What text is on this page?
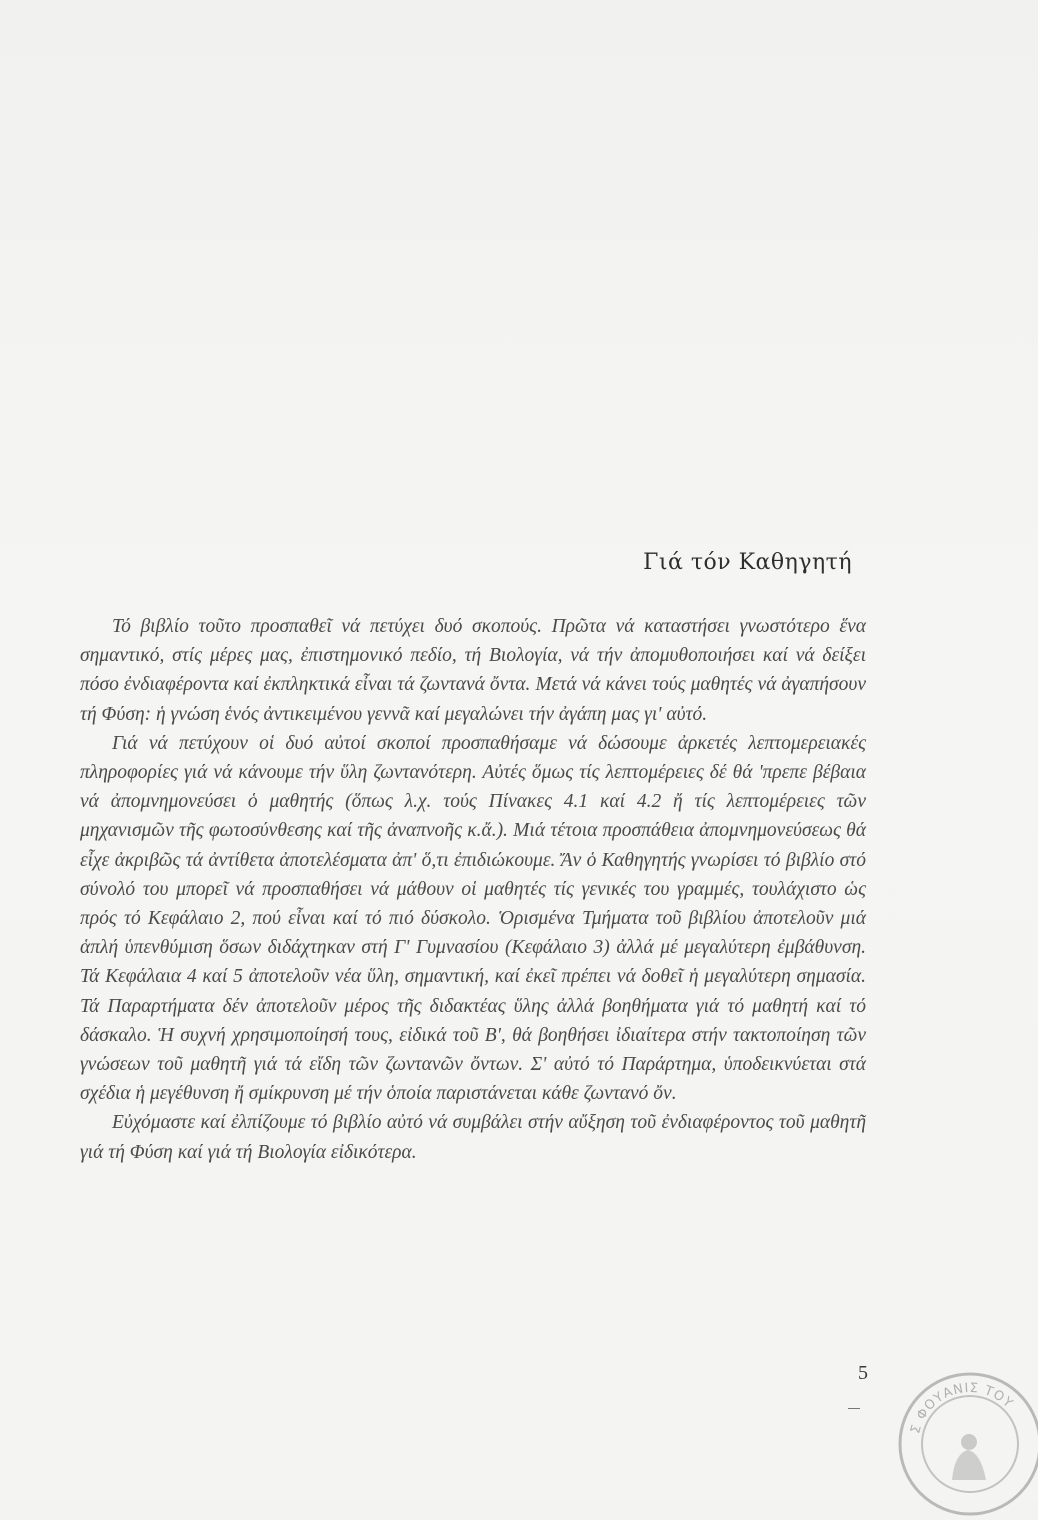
Γιά τόν Καθηγητή

Τό βιβλίο τοῦτο προσπαθεῖ νά πετύχει δυό σκοπούς. Πρῶτα νά καταστήσει γνωστότερο ἕνα σημαντικό, στίς μέρες μας, ἐπιστημονικό πεδίο, τή Βιολογία, νά τήν ἀπομυθοποιήσει καί νά δείξει πόσο ἐνδιαφέροντα καί ἐκπληκτικά εἶναι τά ζωντανά ὄντα. Μετά νά κάνει τούς μαθητές νά ἀγαπήσουν τή Φύση: ἡ γνώση ἑνός ἀντικειμένου γεννᾶ καί μεγαλώνει τήν ἀγάπη μας γι' αὐτό.

Γιά νά πετύχουν οἱ δυό αὐτοί σκοποί προσπαθήσαμε νά δώσουμε ἀρκετές λεπτομερειακές πληροφορίες γιά νά κάνουμε τήν ὕλη ζωντανότερη. Αὐτές ὅμως τίς λεπτομέρειες δέ θά 'πρεπε βέβαια νά ἀπομνημονεύσει ὁ μαθητής (ὅπως λ.χ. τούς Πίνακες 4.1 καί 4.2 ἤ τίς λεπτομέρειες τῶν μηχανισμῶν τῆς φωτοσύνθεσης καί τῆς ἀναπνοῆς κ.ἄ.). Μιά τέτοια προσπάθεια ἀπομνημονεύσεως θά εἶχε ἀκριβῶς τά ἀντίθετα ἀποτελέσματα ἀπ' ὅ,τι ἐπιδιώκουμε. Ἄν ὁ Καθηγητής γνωρίσει τό βιβλίο στό σύνολό του μπορεῖ νά προσπαθήσει νά μάθουν οἱ μαθητές τίς γενικές του γραμμές, τουλάχιστο ὡς πρός τό Κεφάλαιο 2, πού εἶναι καί τό πιό δύσκολο. Ὁρισμένα Τμήματα τοῦ βιβλίου ἀποτελοῦν μιά ἁπλή ὑπενθύμιση ὅσων διδάχτηκαν στή Γ' Γυμνασίου (Κεφάλαιο 3) ἀλλά μέ μεγαλύτερη ἐμβάθυνση. Τά Κεφάλαια 4 καί 5 ἀποτελοῦν νέα ὕλη, σημαντική, καί ἐκεῖ πρέπει νά δοθεῖ ἡ μεγαλύτερη σημασία. Τά Παραρτήματα δέν ἀποτελοῦν μέρος τῆς διδακτέας ὕλης ἀλλά βοηθήματα γιά τό μαθητή καί τό δάσκαλο. Ἡ συχνή χρησιμοποίησή τους, εἰδικά τοῦ Β', θά βοηθήσει ἰδιαίτερα στήν τακτοποίηση τῶν γνώσεων τοῦ μαθητῆ γιά τά εἴδη τῶν ζωντανῶν ὄντων. Σ' αὐτό τό Παράρτημα, ὑποδεικνύεται στά σχέδια ἡ μεγέθυνση ἤ σμίκρυνση μέ τήν ὁποία παριστάνεται κάθε ζωντανό ὄν.

Εὐχόμαστε καί ἐλπίζουμε τό βιβλίο αὐτό νά συμβάλει στήν αὔξηση τοῦ ἐνδιαφέροντος τοῦ μαθητῆ γιά τή Φύση καί γιά τή Βιολογία εἰδικότερα.

5
Σ ΦΟΥΑΝΙΣ ΤΟΥ
